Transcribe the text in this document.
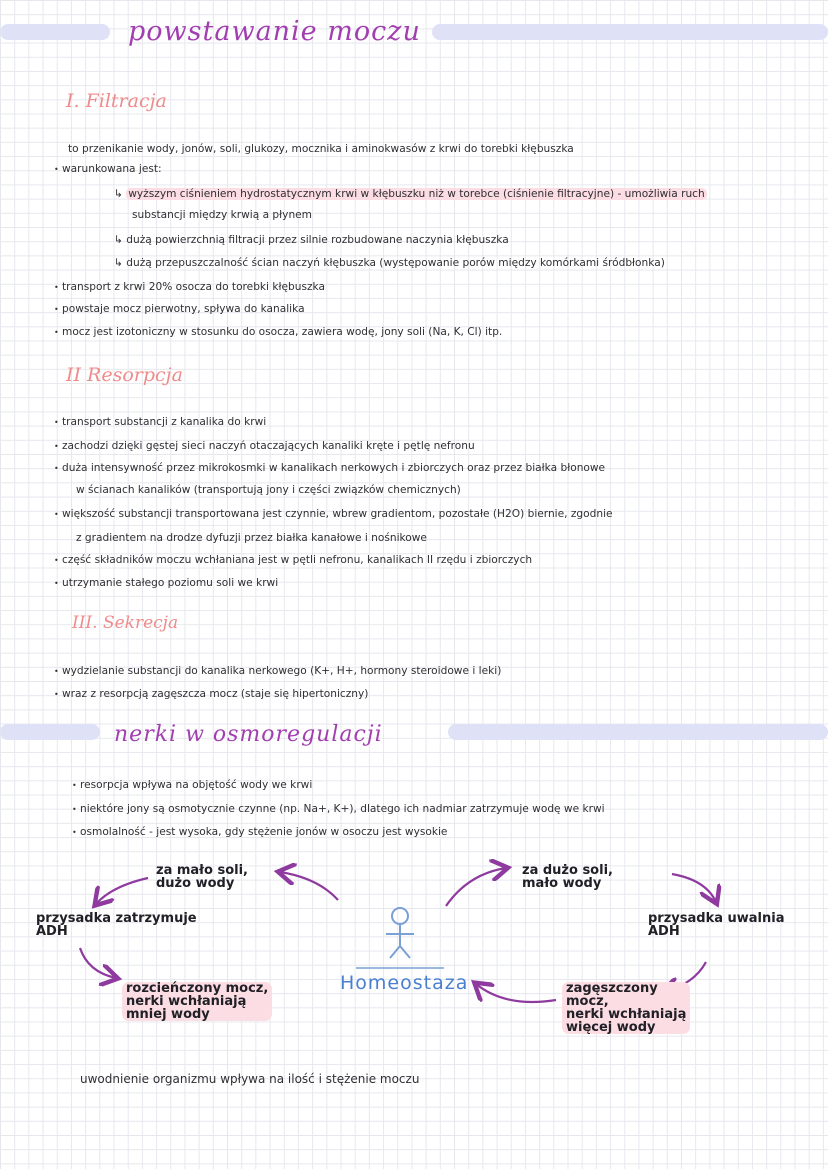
powstawanie moczu
I. Filtracja
to przenikanie wody, jonów, soli, glukozy, mocznika i aminokwasów z krwi do torebki kłębuszka
• warunkowana jest:
↳ wyższym ciśnieniem hydrostatycznym krwi w kłębuszku niż w torebce (ciśnienie filtracyjne) - umożliwia ruch
substancji między krwią a płynem
↳ dużą powierzchnią filtracji przez silnie rozbudowane naczynia kłębuszka
↳ dużą przepuszczalność ścian naczyń kłębuszka (występowanie porów między komórkami śródbłonka)
• transport z krwi 20% osocza do torebki kłębuszka
• powstaje mocz pierwotny, spływa do kanalika
• mocz jest izotoniczny w stosunku do osocza, zawiera wodę, jony soli (Na, K, Cl) itp.
II Resorpcja
• transport substancji z kanalika do krwi
• zachodzi dzięki gęstej sieci naczyń otaczających kanaliki kręte i pętlę nefronu
• duża intensywność przez mikrokosmki w kanalikach nerkowych i zbiorczych oraz przez białka błonowe
w ścianach kanalików (transportują jony i części związków chemicznych)
• większość substancji transportowana jest czynnie, wbrew gradientom, pozostałe (H2O) biernie, zgodnie
z gradientem na drodze dyfuzji przez białka kanałowe i nośnikowe
• część składników moczu wchłaniana jest w pętli nefronu, kanalikach II rzędu i zbiorczych
• utrzymanie stałego poziomu soli we krwi
III. Sekrecja
• wydzielanie substancji do kanalika nerkowego (K+, H+, hormony steroidowe i leki)
• wraz z resorpcją zagęszcza mocz (staje się hipertoniczny)
nerki w osmoregulacji
• resorpcja wpływa na objętość wody we krwi
• niektóre jony są osmotycznie czynne (np. Na+, K+), dlatego ich nadmiar zatrzymuje wodę we krwi
• osmolalność - jest wysoka, gdy stężenie jonów w osoczu jest wysokie
za mało soli,
dużo wody
przysadka zatrzymuje
ADH
rozcieńczony mocz,
nerki wchłaniają
mniej wody
Homeostaza
za dużo soli,
mało wody
przysadka uwalnia
ADH
zagęszczony
mocz,
nerki wchłaniają
więcej wody
uwodnienie organizmu wpływa na ilość i stężenie moczu
